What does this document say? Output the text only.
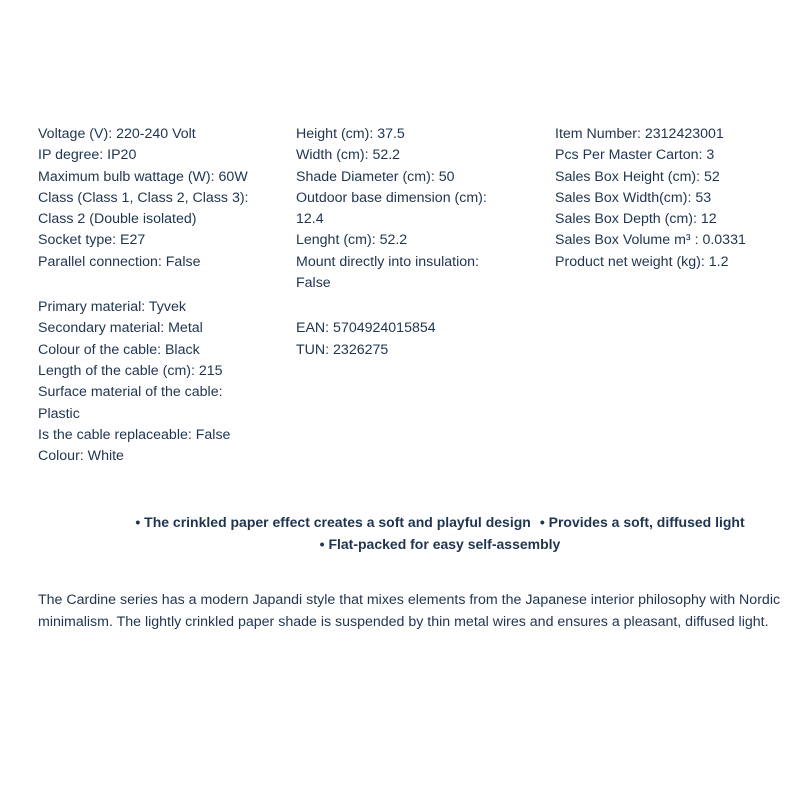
Voltage (V): 220-240 Volt
IP degree: IP20
Maximum bulb wattage (W): 60W
Class (Class 1, Class 2, Class 3):
Class 2 (Double isolated)
Socket type: E27
Parallel connection: False
Primary material: Tyvek
Secondary material: Metal
Colour of the cable: Black
Length of the cable (cm): 215
Surface material of the cable:
Plastic
Is the cable replaceable: False
Colour: White
Height (cm): 37.5
Width (cm): 52.2
Shade Diameter (cm): 50
Outdoor base dimension (cm):
12.4
Lenght (cm): 52.2
Mount directly into insulation:
False
EAN: 5704924015854
TUN: 2326275
Item Number: 2312423001
Pcs Per Master Carton: 3
Sales Box Height (cm): 52
Sales Box Width(cm): 53
Sales Box Depth (cm): 12
Sales Box Volume m³ : 0.0331
Product net weight (kg): 1.2
• The crinkled paper effect creates a soft and playful design • Provides a soft, diffused light
• Flat-packed for easy self-assembly
The Cardine series has a modern Japandi style that mixes elements from the Japanese interior philosophy with Nordic
minimalism. The lightly crinkled paper shade is suspended by thin metal wires and ensures a pleasant, diffused light.
